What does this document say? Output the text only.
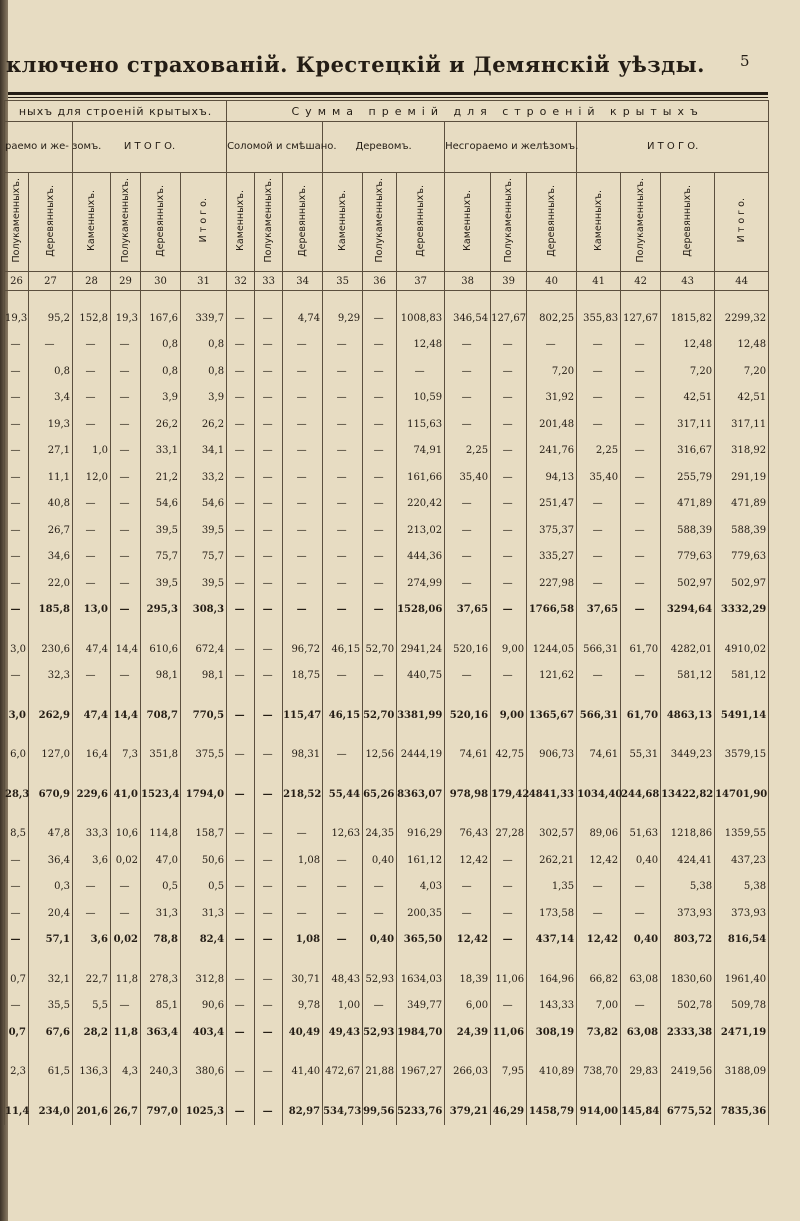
ключено страхованій. Крестецкій и Демянскій уѣзды. 5
ныхъ для строеній крытыхъ.						Сумма премій для строеній крытыхъ												
раемо и же- зомъ.		И Т О Г О.				Соломой и смѣшано.			Деревомъ.			Несгораемо и желѣзомъ.			И Т О Г О.			
Полукаменныхъ.	Деревянныхъ.	Каменныхъ.	Полукаменныхъ.	Деревянныхъ.	И т о г о.	Каменныхъ.	Полукаменныхъ.	Деревянныхъ.	Каменныхъ.	Полукаменныхъ.	Деревянныхъ.	Каменныхъ.	Полукаменныхъ.	Деревянныхъ.	Каменныхъ.	Полукаменныхъ.	Деревянныхъ.	И т о г о.
26	27	28	29	30	31	32	33	34	35	36	37	38	39	40	41	42	43	44

19,3	95,2	152,8	19,3	167,6	339,7	—	—	4,74	9,29	—	1008,83	346,54	127,67	802,25	355,83	127,67	1815,82	2299,32
—	—	—	—	0,8	0,8	—	—	—	—	—	12,48	—	—	—	—	—	12,48	12,48
—	0,8	—	—	0,8	0,8	—	—	—	—	—	—	—	—	7,20	—	—	7,20	7,20
—	3,4	—	—	3,9	3,9	—	—	—	—	—	10,59	—	—	31,92	—	—	42,51	42,51
—	19,3	—	—	26,2	26,2	—	—	—	—	—	115,63	—	—	201,48	—	—	317,11	317,11
—	27,1	1,0	—	33,1	34,1	—	—	—	—	—	74,91	2,25	—	241,76	2,25	—	316,67	318,92
—	11,1	12,0	—	21,2	33,2	—	—	—	—	—	161,66	35,40	—	94,13	35,40	—	255,79	291,19
—	40,8	—	—	54,6	54,6	—	—	—	—	—	220,42	—	—	251,47	—	—	471,89	471,89
—	26,7	—	—	39,5	39,5	—	—	—	—	—	213,02	—	—	375,37	—	—	588,39	588,39
—	34,6	—	—	75,7	75,7	—	—	—	—	—	444,36	—	—	335,27	—	—	779,63	779,63
—	22,0	—	—	39,5	39,5	—	—	—	—	—	274,99	—	—	227,98	—	—	502,97	502,97
—	185,8	13,0	—	295,3	308,3	—	—	—	—	—	1528,06	37,65	—	1766,58	37,65	—	3294,64	3332,29

3,0	230,6	47,4	14,4	610,6	672,4	—	—	96,72	46,15	52,70	2941,24	520,16	9,00	1244,05	566,31	61,70	4282,01	4910,02
—	32,3	—	—	98,1	98,1	—	—	18,75	—	—	440,75	—	—	121,62	—	—	581,12	581,12

3,0	262,9	47,4	14,4	708,7	770,5	—	—	115,47	46,15	52,70	3381,99	520,16	9,00	1365,67	566,31	61,70	4863,13	5491,14

6,0	127,0	16,4	7,3	351,8	375,5	—	—	98,31	—	12,56	2444,19	74,61	42,75	906,73	74,61	55,31	3449,23	3579,15

28,3	670,9	229,6	41,0	1523,4	1794,0	—	—	218,52	55,44	65,26	8363,07	978,98	179,42	4841,33	1034,40	244,68	13422,82	14701,90

8,5	47,8	33,3	10,6	114,8	158,7	—	—	—	12,63	24,35	916,29	76,43	27,28	302,57	89,06	51,63	1218,86	1359,55
—	36,4	3,6	0,02	47,0	50,6	—	—	1,08	—	0,40	161,12	12,42	—	262,21	12,42	0,40	424,41	437,23
—	0,3	—	—	0,5	0,5	—	—	—	—	—	4,03	—	—	1,35	—	—	5,38	5,38
—	20,4	—	—	31,3	31,3	—	—	—	—	—	200,35	—	—	173,58	—	—	373,93	373,93
—	57,1	3,6	0,02	78,8	82,4	—	—	1,08	—	0,40	365,50	12,42	—	437,14	12,42	0,40	803,72	816,54

0,7	32,1	22,7	11,8	278,3	312,8	—	—	30,71	48,43	52,93	1634,03	18,39	11,06	164,96	66,82	63,08	1830,60	1961,40
—	35,5	5,5	—	85,1	90,6	—	—	9,78	1,00	—	349,77	6,00	—	143,33	7,00	—	502,78	509,78
0,7	67,6	28,2	11,8	363,4	403,4	—	—	40,49	49,43	52,93	1984,70	24,39	11,06	308,19	73,82	63,08	2333,38	2471,19

2,3	61,5	136,3	4,3	240,3	380,6	—	—	41,40	472,67	21,88	1967,27	266,03	7,95	410,89	738,70	29,83	2419,56	3188,09

11,4	234,0	201,6	26,7	797,0	1025,3	—	—	82,97	534,73	99,56	5233,76	379,21	46,29	1458,79	914,00	145,84	6775,52	7835,36
